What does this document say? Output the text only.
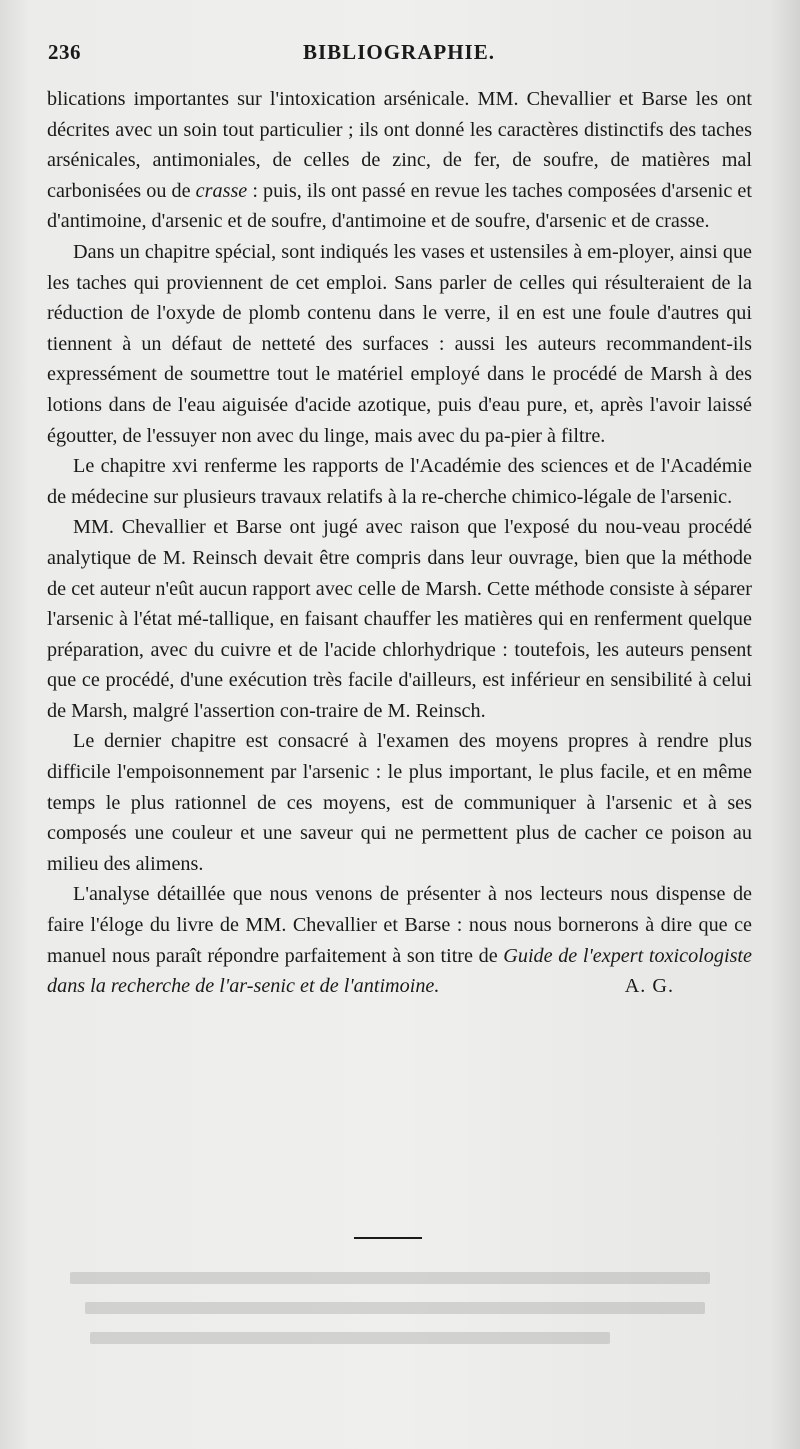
236	BIBLIOGRAPHIE.

blications importantes sur l'intoxication arsénicale. MM. Chevallier et Barse les ont décrites avec un soin tout particulier ; ils ont donné les caractères distinctifs des taches arsénicales, antimoniales, de celles de zinc, de fer, de soufre, de matières mal carbonisées ou de crasse : puis, ils ont passé en revue les taches composées d'arsenic et d'antimoine, d'arsenic et de soufre, d'antimoine et de soufre, d'arsenic et de crasse.

Dans un chapitre spécial, sont indiqués les vases et ustensiles à em-ployer, ainsi que les taches qui proviennent de cet emploi. Sans parler de celles qui résulteraient de la réduction de l'oxyde de plomb contenu dans le verre, il en est une foule d'autres qui tiennent à un défaut de netteté des surfaces : aussi les auteurs recommandent-ils expressément de soumettre tout le matériel employé dans le procédé de Marsh à des lotions dans de l'eau aiguisée d'acide azotique, puis d'eau pure, et, après l'avoir laissé égoutter, de l'essuyer non avec du linge, mais avec du pa-pier à filtre.

Le chapitre xvi renferme les rapports de l'Académie des sciences et de l'Académie de médecine sur plusieurs travaux relatifs à la re-cherche chimico-légale de l'arsenic.

MM. Chevallier et Barse ont jugé avec raison que l'exposé du nou-veau procédé analytique de M. Reinsch devait être compris dans leur ouvrage, bien que la méthode de cet auteur n'eût aucun rapport avec celle de Marsh. Cette méthode consiste à séparer l'arsenic à l'état mé-tallique, en faisant chauffer les matières qui en renferment quelque préparation, avec du cuivre et de l'acide chlorhydrique : toutefois, les auteurs pensent que ce procédé, d'une exécution très facile d'ailleurs, est inférieur en sensibilité à celui de Marsh, malgré l'assertion con-traire de M. Reinsch.

Le dernier chapitre est consacré à l'examen des moyens propres à rendre plus difficile l'empoisonnement par l'arsenic : le plus important, le plus facile, et en même temps le plus rationnel de ces moyens, est de communiquer à l'arsenic et à ses composés une couleur et une saveur qui ne permettent plus de cacher ce poison au milieu des alimens.

L'analyse détaillée que nous venons de présenter à nos lecteurs nous dispense de faire l'éloge du livre de MM. Chevallier et Barse : nous nous bornerons à dire que ce manuel nous paraît répondre parfaitement à son titre de Guide de l'expert toxicologiste dans la recherche de l'ar-senic et de l'antimoine.	A. G.
